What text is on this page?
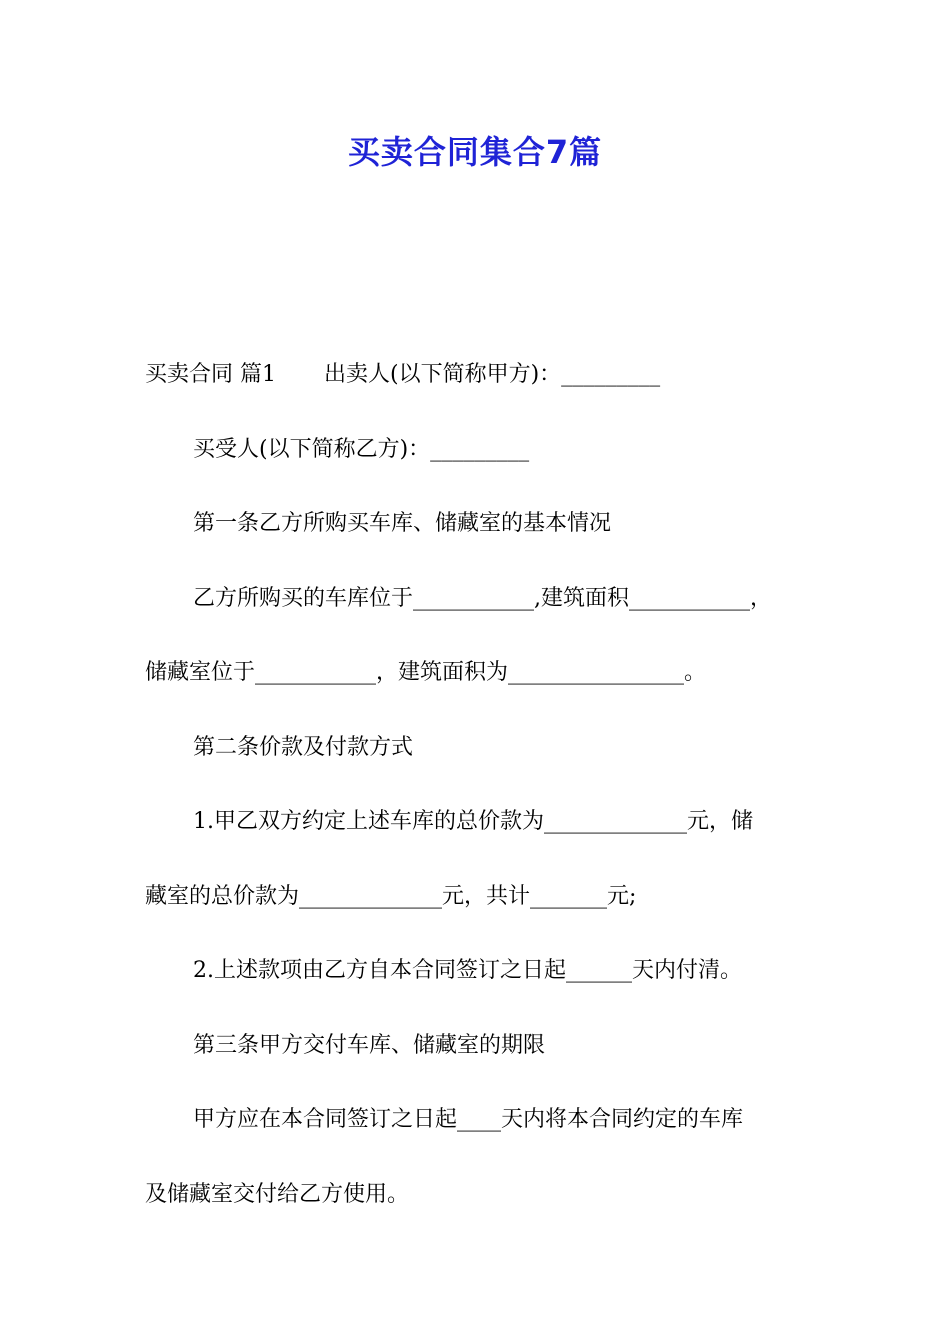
买卖合同集合7篇

买卖合同 篇1 出卖人(以下简称甲方)：_________

买受人(以下简称乙方)：_________

第一条乙方所购买车库、储藏室的基本情况

乙方所购买的车库位于___________,建筑面积___________，

储藏室位于___________，建筑面积为________________。

第二条价款及付款方式

1.甲乙双方约定上述车库的总价款为_____________元，储

藏室的总价款为_____________元，共计_______元;

2.上述款项由乙方自本合同签订之日起______天内付清。

第三条甲方交付车库、储藏室的期限

甲方应在本合同签订之日起____天内将本合同约定的车库

及储藏室交付给乙方使用。
